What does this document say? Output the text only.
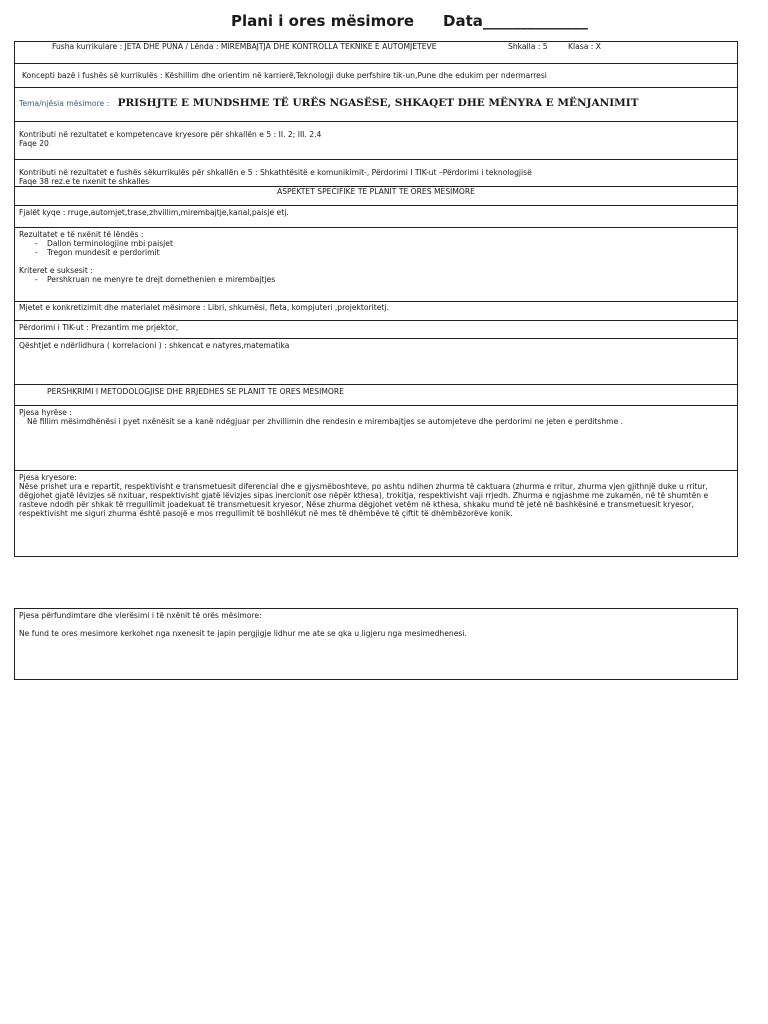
Plani i ores mësimore Data______________
Fusha kurrikulare : JETA DHE PUNA / Lënda : MIREMBAJTJA DHE KONTROLLA TEKNIKE E AUTOMJETEVE	Shkalla : 5	Klasa : X
Koncepti bazë i fushës së kurrikulës : Këshillim dhe orientim në karrierë,Teknologji duke perfshire tik-un,Pune dhe edukim per ndermarresi
Tema/njësia mësimore : PRISHJTE E MUNDSHME TË URËS NGASËSE, SHKAQET DHE MËNYRA E MËNJANIMIT

Kontributi në rezultatet e kompetencave kryesore për shkallën e 5 : II. 2; III. 2.4

Faqe 20

Kontributi në rezultatet e fushës sëkurrikulës për shkallën e 5 : Shkathtësitë e komunikimit-, Përdorimi I TIK-ut –Përdorimi i teknologjisë

Faqe 38 rez.e te nxenit te shkalles

ASPEKTET SPECIFIKE TE PLANIT TE ORES MESIMORE
Fjalët kyqe : rruge,automjet,trase,zhvillim,mirembajtje,kanal,paisje etj.

Rezultatet e të nxënit të lëndës :

- Dallon terminologjine mbi paisjet
- Tregon mundesit e perdorimit

Kriteret e suksesit :

- Pershkruan ne menyre te drejt domethenien e mirembajtjes
Mjetet e konkretizimit dhe materialet mësimore : Libri, shkumësi, fleta, kompjuteri ,projektoritetj.
Përdorimi i TIK-ut : Prezantim me prjektor,
Qështjet e ndërlidhura ( korrelacioni ) : shkencat e natyres,matematika
PERSHKRIMI I METODOLOGJISE DHE RRJEDHES SE PLANIT TE ORES MESIMORE

Pjesa hyrëse :

Në fillim mësimdhënësi i pyet nxënësit se a kanë ndëgjuar per zhvillimin dhe rendesin e mirembajtjes se automjeteve dhe perdorimi ne jeten e perditshme .

Pjesa kryesore:

Nëse prishet ura e repartit, respektivisht e transmetuesit diferencial dhe e gjysmëboshteve, po ashtu ndihen zhurma të caktuara (zhurma e rritur, zhurma vjen gjithnjë duke u rritur, dëgjohet gjatë lëvizjes së nxituar, respektivisht gjatë lëvizjes sipas inercionit ose nëpër kthesa), trokitja, respektivisht vaji rrjedh. Zhurma e ngjashme me zukamën, në të shumtën e rasteve ndodh për shkak të rregullimit joadekuat të transmetuesit kryesor, Nëse zhurma dëgjohet vetëm në kthesa, shkaku mund të jetë në bashkësinë e transmetuesit kryesor, respektivisht me siguri zhurma është pasojë e mos rregullimit të boshllëkut në mes të dhëmbëve të çiftit të dhëmbëzorëve konik.

Pjesa përfundimtare dhe vlerësimi i të nxënit të orës mësimore:

Ne fund te ores mesimore kerkohet nga nxenesit te japin pergjigje lidhur me ate se qka u ligjeru nga mesimedhenesi.
